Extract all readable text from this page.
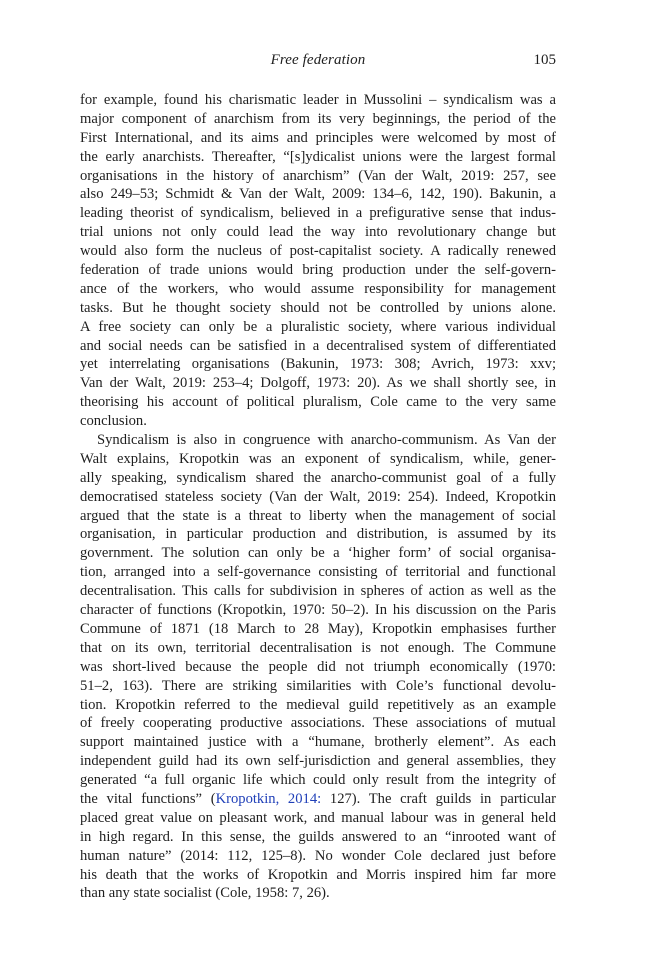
Free federation	105
for example, found his charismatic leader in Mussolini – syndicalism was a
major component of anarchism from its very beginnings, the period of the
First International, and its aims and principles were welcomed by most of
the early anarchists. Thereafter, “[s]ydicalist unions were the largest formal
organisations in the history of anarchism” (Van der Walt, 2019: 257, see
also 249–53; Schmidt & Van der Walt, 2009: 134–6, 142, 190). Bakunin, a
leading theorist of syndicalism, believed in a prefigurative sense that indus-
trial unions not only could lead the way into revolutionary change but
would also form the nucleus of post-capitalist society. A radically renewed
federation of trade unions would bring production under the self-govern-
ance of the workers, who would assume responsibility for management
tasks. But he thought society should not be controlled by unions alone.
A free society can only be a pluralistic society, where various individual
and social needs can be satisfied in a decentralised system of differentiated
yet interrelating organisations (Bakunin, 1973: 308; Avrich, 1973: xxv;
Van der Walt, 2019: 253–4; Dolgoff, 1973: 20). As we shall shortly see, in
theorising his account of political pluralism, Cole came to the very same
conclusion.
Syndicalism is also in congruence with anarcho-communism. As Van der
Walt explains, Kropotkin was an exponent of syndicalism, while, gener-
ally speaking, syndicalism shared the anarcho-communist goal of a fully
democratised stateless society (Van der Walt, 2019: 254). Indeed, Kropotkin
argued that the state is a threat to liberty when the management of social
organisation, in particular production and distribution, is assumed by its
government. The solution can only be a ‘higher form’ of social organisa-
tion, arranged into a self-governance consisting of territorial and functional
decentralisation. This calls for subdivision in spheres of action as well as the
character of functions (Kropotkin, 1970: 50–2). In his discussion on the Paris
Commune of 1871 (18 March to 28 May), Kropotkin emphasises further
that on its own, territorial decentralisation is not enough. The Commune
was short-lived because the people did not triumph economically (1970:
51–2, 163). There are striking similarities with Cole’s functional devolu-
tion. Kropotkin referred to the medieval guild repetitively as an example
of freely cooperating productive associations. These associations of mutual
support maintained justice with a “humane, brotherly element”. As each
independent guild had its own self-jurisdiction and general assemblies, they
generated “a full organic life which could only result from the integrity of
the vital functions” (Kropotkin, 2014: 127). The craft guilds in particular
placed great value on pleasant work, and manual labour was in general held
in high regard. In this sense, the guilds answered to an “inrooted want of
human nature” (2014: 112, 125–8). No wonder Cole declared just before
his death that the works of Kropotkin and Morris inspired him far more
than any state socialist (Cole, 1958: 7, 26).
